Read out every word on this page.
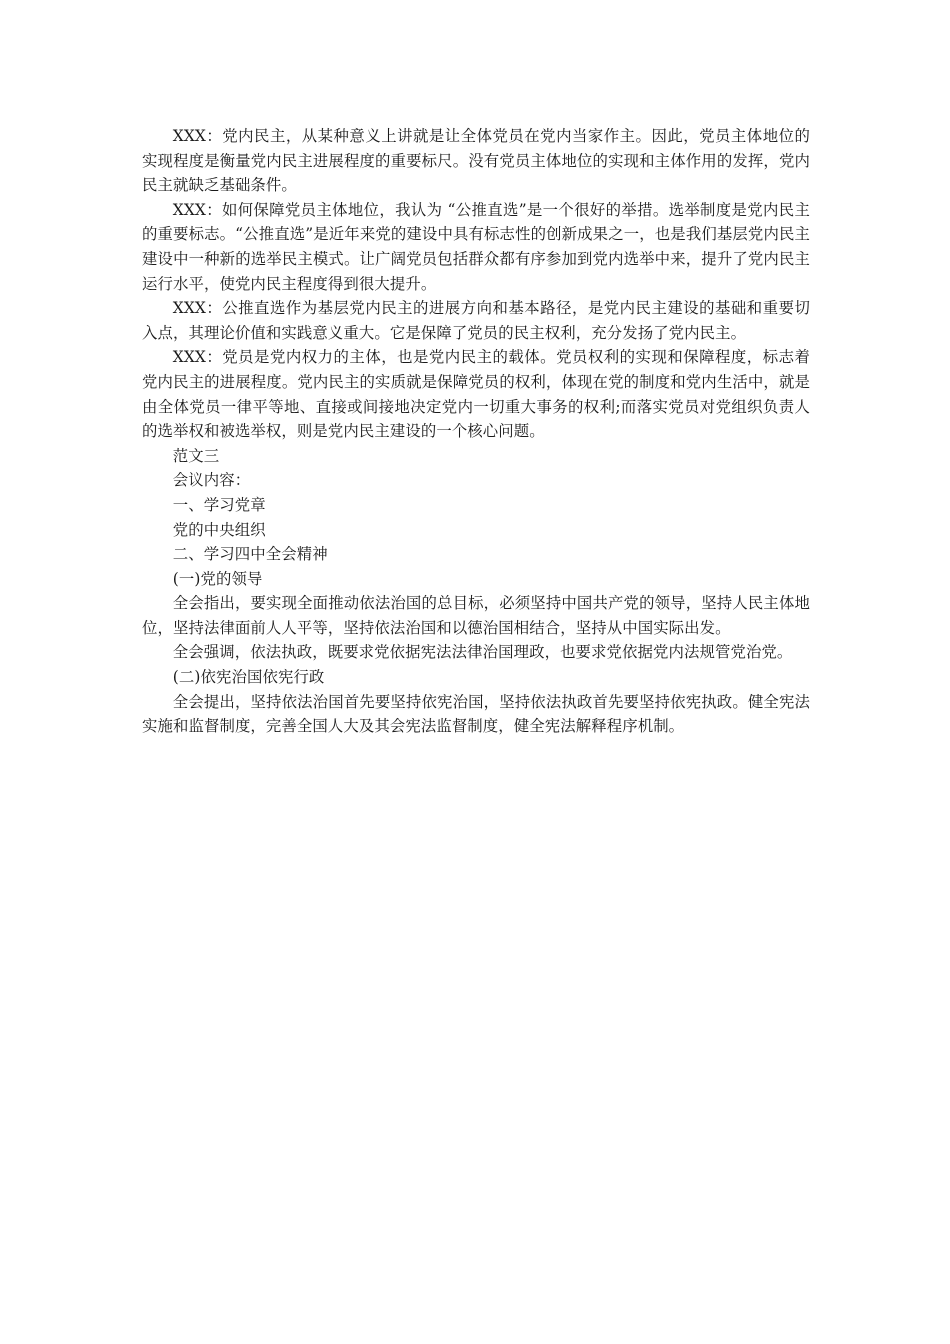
XXX：党内民主，从某种意义上讲就是让全体党员在党内当家作主。因此，党员主体地位的实现程度是衡量党内民主进展程度的重要标尺。没有党员主体地位的实现和主体作用的发挥，党内民主就缺乏基础条件。

XXX：如何保障党员主体地位，我认为 “公推直选”是一个很好的举措。选举制度是党内民主的重要标志。“公推直选”是近年来党的建设中具有标志性的创新成果之一，也是我们基层党内民主建设中一种新的选举民主模式。让广阔党员包括群众都有序参加到党内选举中来，提升了党内民主运行水平，使党内民主程度得到很大提升。

XXX：公推直选作为基层党内民主的进展方向和基本路径，是党内民主建设的基础和重要切入点，其理论价值和实践意义重大。它是保障了党员的民主权利，充分发扬了党内民主。

XXX：党员是党内权力的主体，也是党内民主的载体。党员权利的实现和保障程度，标志着党内民主的进展程度。党内民主的实质就是保障党员的权利，体现在党的制度和党内生活中，就是由全体党员一律平等地、直接或间接地决定党内一切重大事务的权利;而落实党员对党组织负责人的选举权和被选举权，则是党内民主建设的一个核心问题。

范文三

会议内容：

一、学习党章

党的中央组织

二、学习四中全会精神

(一)党的领导

全会指出，要实现全面推动依法治国的总目标，必须坚持中国共产党的领导，坚持人民主体地位，坚持法律面前人人平等，坚持依法治国和以德治国相结合，坚持从中国实际出发。

全会强调，依法执政，既要求党依据宪法法律治国理政，也要求党依据党内法规管党治党。

(二)依宪治国依宪行政

全会提出，坚持依法治国首先要坚持依宪治国，坚持依法执政首先要坚持依宪执政。健全宪法实施和监督制度，完善全国人大及其会宪法监督制度，健全宪法解释程序机制。
